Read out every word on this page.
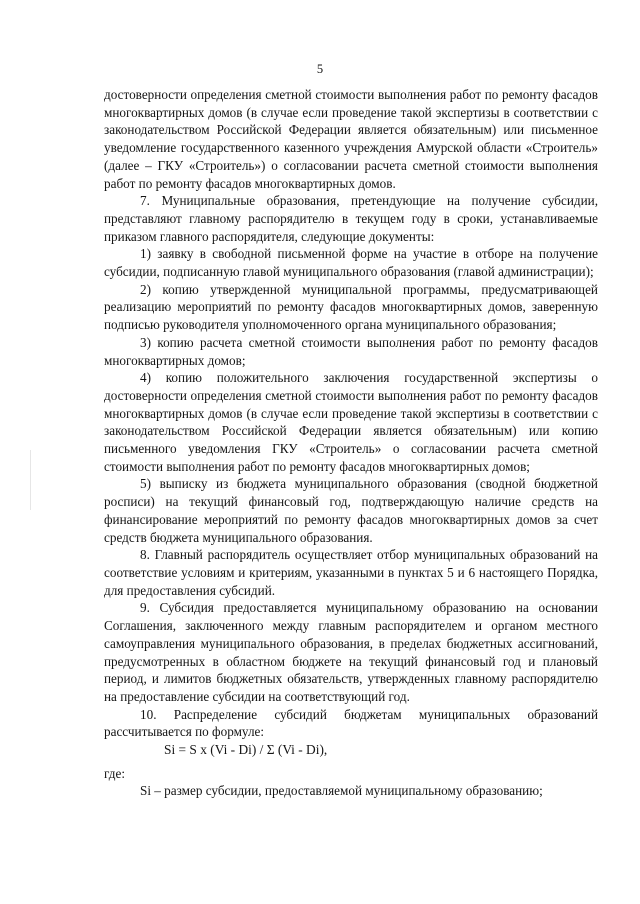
5

достоверности определения сметной стоимости выполнения работ по ремонту фасадов многоквартирных домов (в случае если проведение такой экспертизы в соответствии с законодательством Российской Федерации является обязательным) или письменное уведомление государственного казенного учреждения Амурской области «Строитель» (далее – ГКУ «Строитель») о согласовании расчета сметной стоимости выполнения работ по ремонту фасадов многоквартирных домов.

7. Муниципальные образования, претендующие на получение субсидии, представляют главному распорядителю в текущем году в сроки, устанавливаемые приказом главного распорядителя, следующие документы:

1) заявку в свободной письменной форме на участие в отборе на получение субсидии, подписанную главой муниципального образования (главой администрации);

2) копию утвержденной муниципальной программы, предусматривающей реализацию мероприятий по ремонту фасадов многоквартирных домов, заверенную подписью руководителя уполномоченного органа муниципального образования;

3) копию расчета сметной стоимости выполнения работ по ремонту фасадов многоквартирных домов;

4) копию положительного заключения государственной экспертизы о достоверности определения сметной стоимости выполнения работ по ремонту фасадов многоквартирных домов (в случае если проведение такой экспертизы в соответствии с законодательством Российской Федерации является обязательным) или копию письменного уведомления ГКУ «Строитель» о согласовании расчета сметной стоимости выполнения работ по ремонту фасадов многоквартирных домов;

5) выписку из бюджета муниципального образования (сводной бюджетной росписи) на текущий финансовый год, подтверждающую наличие средств на финансирование мероприятий по ремонту фасадов многоквартирных домов за счет средств бюджета муниципального образования.

8. Главный распорядитель осуществляет отбор муниципальных образований на соответствие условиям и критериям, указанными в пунктах 5 и 6 настоящего Порядка, для предоставления субсидий.

9. Субсидия предоставляется муниципальному образованию на основании Соглашения, заключенного между главным распорядителем и органом местного самоуправления муниципального образования, в пределах бюджетных ассигнований, предусмотренных в областном бюджете на текущий финансовый год и плановый период, и лимитов бюджетных обязательств, утвержденных главному распорядителю на предоставление субсидии на соответствующий год.

10. Распределение субсидий бюджетам муниципальных образований рассчитывается по формуле:

Si = S x (Vi - Di) / Σ (Vi - Di),

где:

Si – размер субсидии, предоставляемой муниципальному образованию;
